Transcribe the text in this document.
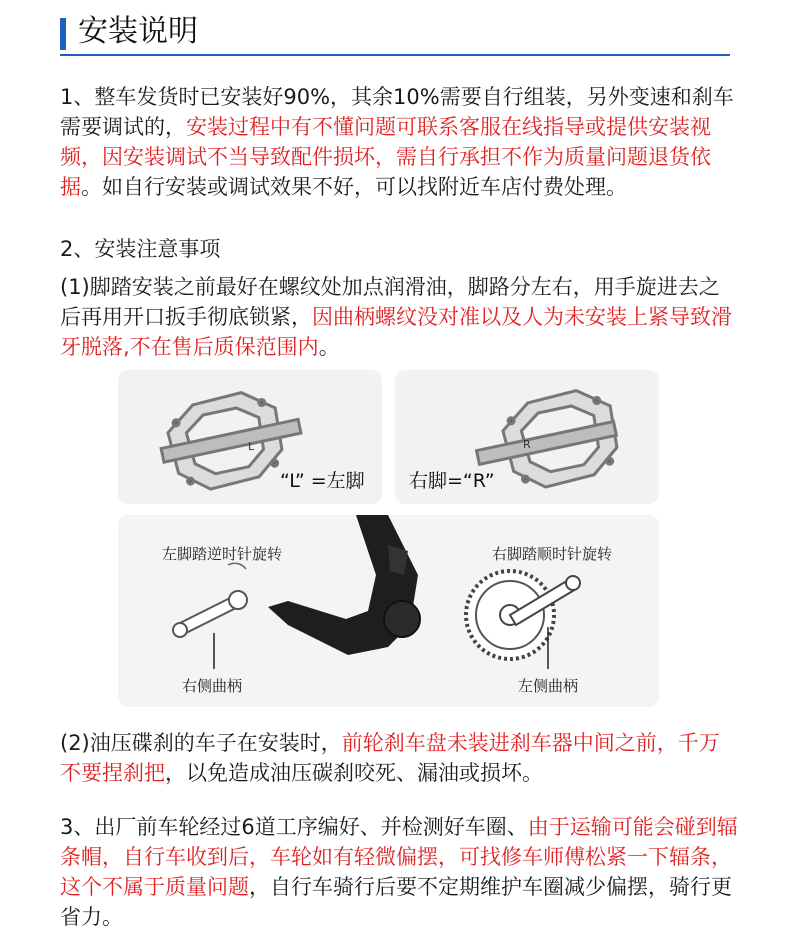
安装说明
1、整车发货时已安装好90%，其余10%需要自行组装，另外变速和刹车需要调试的，安装过程中有不懂问题可联系客服在线指导或提供安装视频，因安装调试不当导致配件损坏，需自行承担不作为质量问题退货依据。如自行安装或调试效果不好，可以找附近车店付费处理。
2、安装注意事项
(1)脚踏安装之前最好在螺纹处加点润滑油，脚路分左右，用手旋进去之后再用开口扳手彻底锁紧，因曲柄螺纹没对准以及人为未安装上紧导致滑牙脱落,不在售后质保范围内。
L
“L” =左脚
R
右脚=“R”
左脚踏逆时针旋转	右脚踏顺时针旋转
右侧曲柄	左侧曲柄
(2)油压碟刹的车子在安装时，前轮刹车盘未装进刹车器中间之前，千万不要捏刹把，以免造成油压碳刹咬死、漏油或损坏。
3、出厂前车轮经过6道工序编好、并检测好车圈、由于运输可能会碰到辐条帽，自行车收到后，车轮如有轻微偏摆，可找修车师傅松紧一下辐条，这个不属于质量问题，自行车骑行后要不定期维护车圈减少偏摆，骑行更省力。
